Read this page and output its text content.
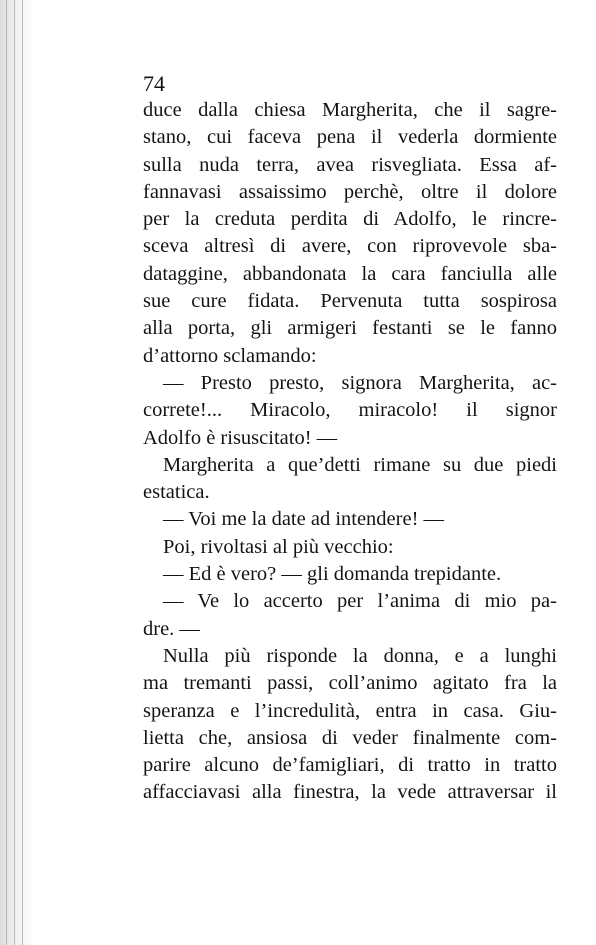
74
duce dalla chiesa Margherita, che il sagre-
stano, cui faceva pena il vederla dormiente
sulla nuda terra, avea risvegliata. Essa af-
fannavasi assaissimo perchè, oltre il dolore
per la creduta perdita di Adolfo, le rincre-
sceva altresì di avere, con riprovevole sba-
dataggine, abbandonata la cara fanciulla alle
sue cure fidata. Pervenuta tutta sospirosa
alla porta, gli armigeri festanti se le fanno
d’attorno sclamando:
— Presto presto, signora Margherita, ac-
correte!... Miracolo, miracolo! il signor
Adolfo è risuscitato! —
Margherita a que’detti rimane su due piedi
estatica.
— Voi me la date ad intendere! —
Poi, rivoltasi al più vecchio:
— Ed è vero? — gli domanda trepidante.
— Ve lo accerto per l’anima di mio pa-
dre. —
Nulla più risponde la donna, e a lunghi
ma tremanti passi, coll’animo agitato fra la
speranza e l’incredulità, entra in casa. Giu-
lietta che, ansiosa di veder finalmente com-
parire alcuno de’famigliari, di tratto in tratto
affacciavasi alla finestra, la vede attraversar il
